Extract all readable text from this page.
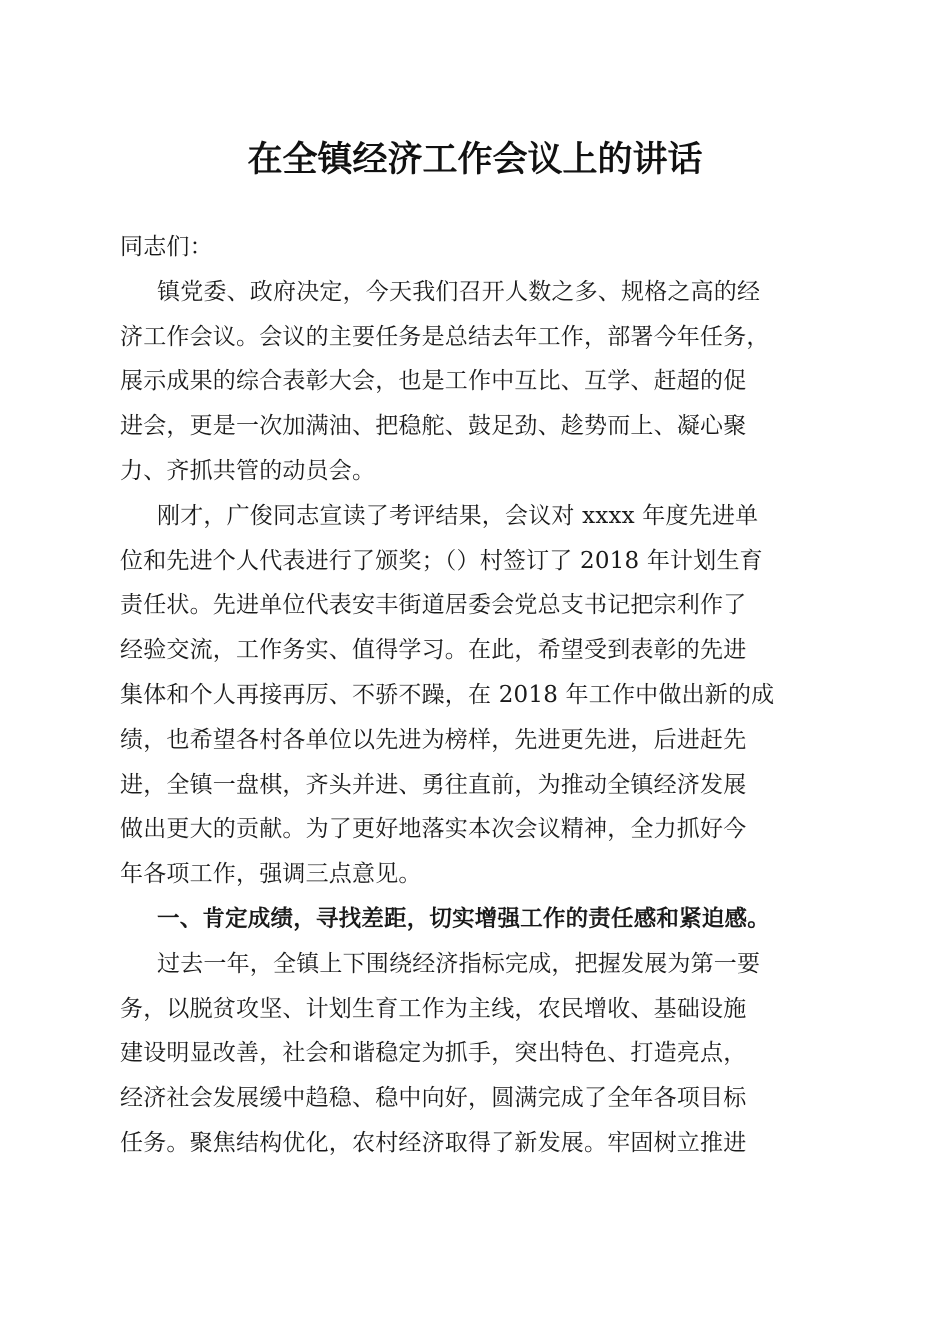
在全镇经济工作会议上的讲话
同志们：
镇党委、政府决定，今天我们召开人数之多、规格之高的经
济工作会议。会议的主要任务是总结去年工作，部署今年任务，
展示成果的综合表彰大会，也是工作中互比、互学、赶超的促
进会，更是一次加满油、把稳舵、鼓足劲、趁势而上、凝心聚
力、齐抓共管的动员会。
刚才，广俊同志宣读了考评结果，会议对 xxxx 年度先进单
位和先进个人代表进行了颁奖；（）村签订了 2018 年计划生育
责任状。先进单位代表安丰街道居委会党总支书记把宗利作了
经验交流，工作务实、值得学习。在此，希望受到表彰的先进
集体和个人再接再厉、不骄不躁，在 2018 年工作中做出新的成
绩，也希望各村各单位以先进为榜样，先进更先进，后进赶先
进，全镇一盘棋，齐头并进、勇往直前，为推动全镇经济发展
做出更大的贡献。为了更好地落实本次会议精神，全力抓好今
年各项工作，强调三点意见。
一、肯定成绩，寻找差距，切实增强工作的责任感和紧迫感。
过去一年，全镇上下围绕经济指标完成，把握发展为第一要
务，以脱贫攻坚、计划生育工作为主线，农民增收、基础设施
建设明显改善，社会和谐稳定为抓手，突出特色、打造亮点，
经济社会发展缓中趋稳、稳中向好，圆满完成了全年各项目标
任务。聚焦结构优化，农村经济取得了新发展。牢固树立推进
